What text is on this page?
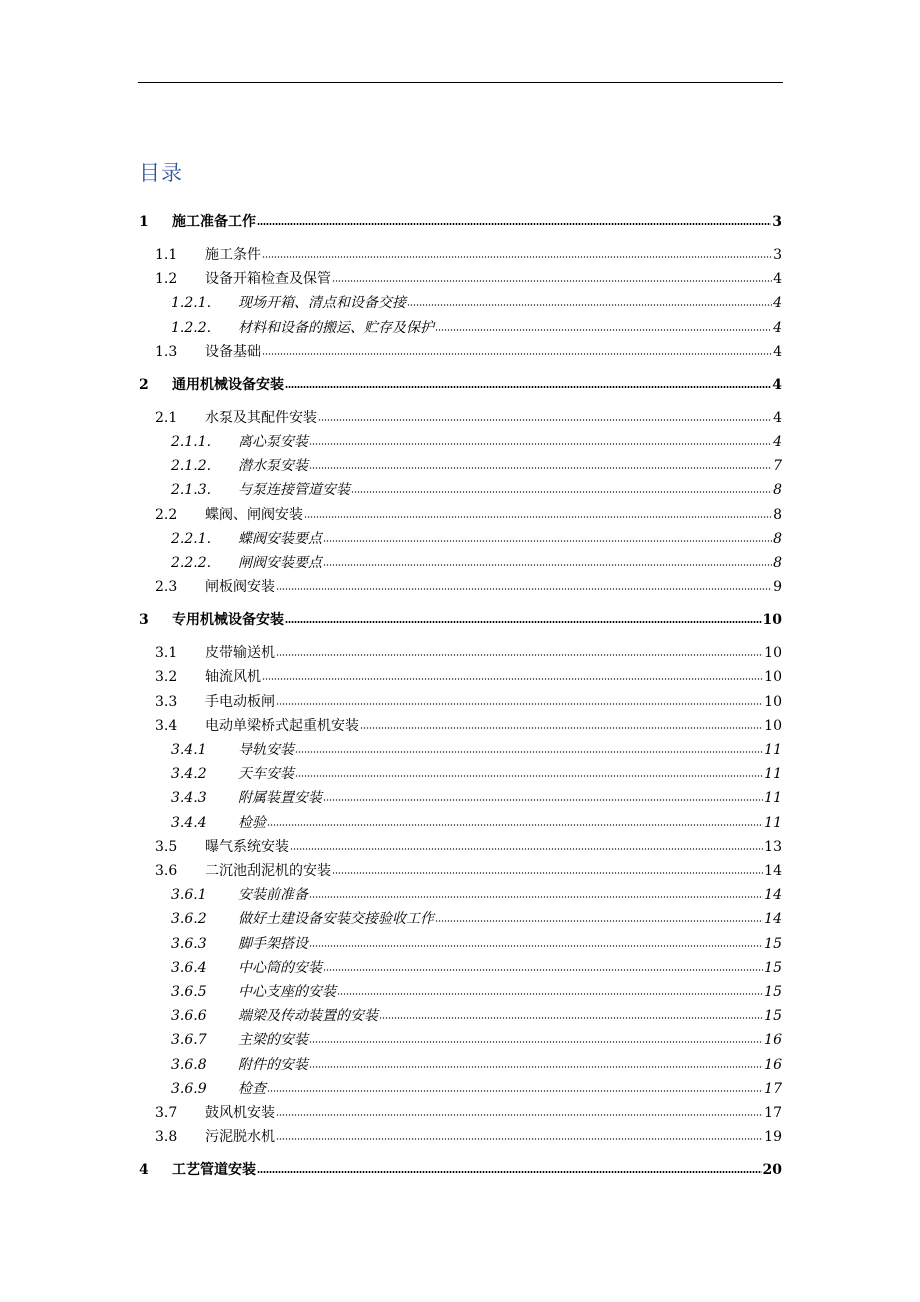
目录
1	施工准备工作	3
1.1	施工条件	3
1.2	设备开箱检查及保管	4
1.2.1.	现场开箱、清点和设备交接	4
1.2.2.	材料和设备的搬运、贮存及保护	4
1.3	设备基础	4
2	通用机械设备安装	4
2.1	水泵及其配件安装	4
2.1.1.	离心泵安装	4
2.1.2.	潜水泵安装	7
2.1.3.	与泵连接管道安装	8
2.2	蝶阀、闸阀安装	8
2.2.1.	蝶阀安装要点	8
2.2.2.	闸阀安装要点	8
2.3	闸板阀安装	9
3	专用机械设备安装	10
3.1	皮带输送机	10
3.2	轴流风机	10
3.3	手电动板闸	10
3.4	电动单梁桥式起重机安装	10
3.4.1	导轨安装	11
3.4.2	天车安装	11
3.4.3	附属装置安装	11
3.4.4	检验	11
3.5	曝气系统安装	13
3.6	二沉池刮泥机的安装	14
3.6.1	安装前准备	14
3.6.2	做好土建设备安装交接验收工作	14
3.6.3	脚手架搭设	15
3.6.4	中心筒的安装	15
3.6.5	中心支座的安装	15
3.6.6	端梁及传动装置的安装	15
3.6.7	主梁的安装	16
3.6.8	附件的安装	16
3.6.9	检查	17
3.7	鼓风机安装	17
3.8	污泥脱水机	19
4	工艺管道安装	20
